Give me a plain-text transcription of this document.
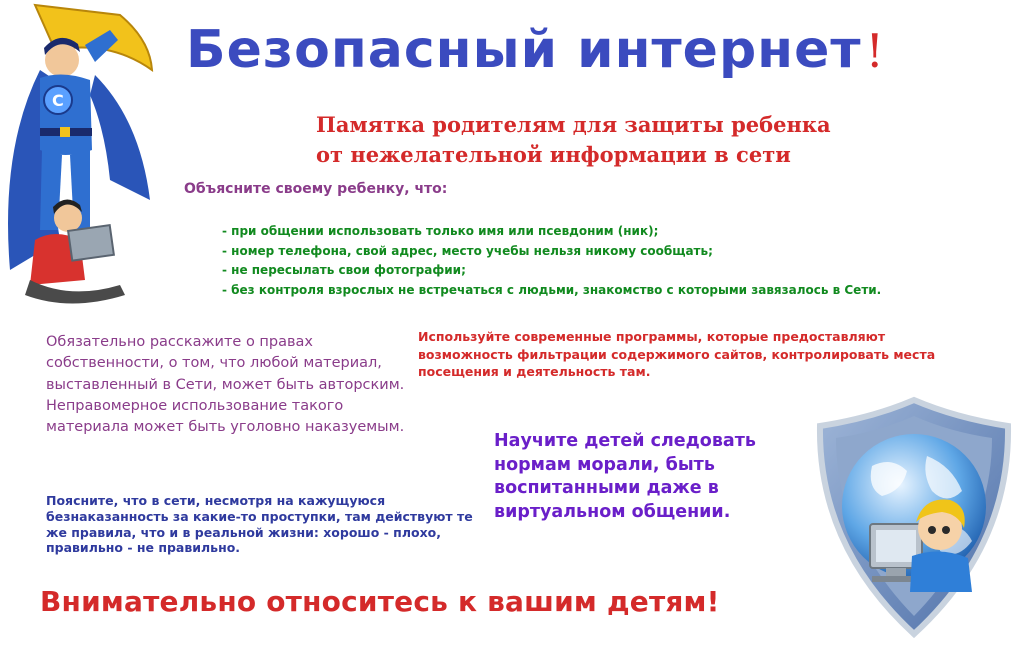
C
Безопасный интернет!
Памятка родителям для защиты ребенка
от нежелательной информации в сети
Объясните своему ребенку, что:
- при общении использовать только имя или псевдоним (ник);
- номер телефона, свой адрес, место учебы нельзя никому сообщать;
- не пересылать свои фотографии;
- без контроля взрослых не встречаться с людьми, знакомство с которыми завязалось в Сети.
Обязательно расскажите о правах собственности, о том, что любой материал, выставленный в Сети, может быть авторским. Неправомерное использование такого материала может быть уголовно наказуемым.
Используйте современные программы, которые предоставляют возможность фильтрации содержимого сайтов, контролировать места посещения и деятельность там.
Научите детей следовать нормам морали, быть воспитанными даже в виртуальном общении.
Поясните, что в сети, несмотря на кажущуюся безнаказанность за какие-то проступки, там действуют те же правила, что и в реальной жизни: хорошо - плохо, правильно - не правильно.
Внимательно относитесь к вашим детям!
